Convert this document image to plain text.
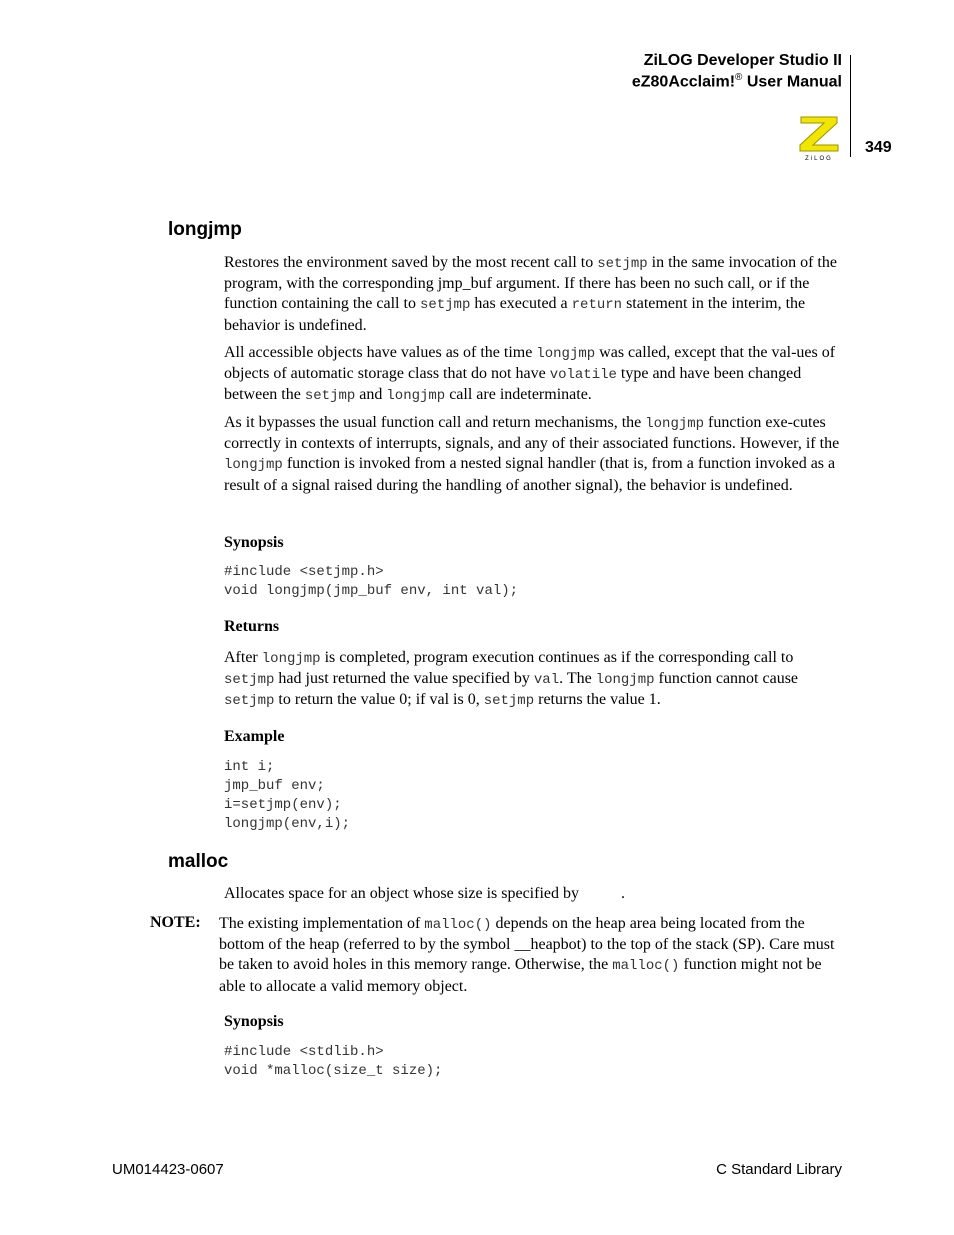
ZiLOG Developer Studio II
eZ80Acclaim!® User Manual
ZiLOG
349
longjmp
Restores the environment saved by the most recent call to setjmp in the same invocation of the program, with the corresponding jmp_buf argument. If there has been no such call, or if the function containing the call to setjmp has executed a return statement in the interim, the behavior is undefined.
All accessible objects have values as of the time longjmp was called, except that the val-ues of objects of automatic storage class that do not have volatile type and have been changed between the setjmp and longjmp call are indeterminate.
As it bypasses the usual function call and return mechanisms, the longjmp function exe-cutes correctly in contexts of interrupts, signals, and any of their associated functions. However, if the longjmp function is invoked from a nested signal handler (that is, from a function invoked as a result of a signal raised during the handling of another signal), the behavior is undefined.
Synopsis
#include <setjmp.h>
void longjmp(jmp_buf env, int val);
Returns
After longjmp is completed, program execution continues as if the corresponding call to setjmp had just returned the value specified by val. The longjmp function cannot cause setjmp to return the value 0; if val is 0, setjmp returns the value 1.
Example
int i;
jmp_buf env;
i=setjmp(env);
longjmp(env,i);
malloc
Allocates space for an object whose size is specified by	.
NOTE: The existing implementation of malloc() depends on the heap area being located from the bottom of the heap (referred to by the symbol __heapbot) to the top of the stack (SP). Care must be taken to avoid holes in this memory range. Otherwise, the malloc() function might not be able to allocate a valid memory object.
Synopsis
#include <stdlib.h>
void *malloc(size_t size);
UM014423-0607	C Standard Library
